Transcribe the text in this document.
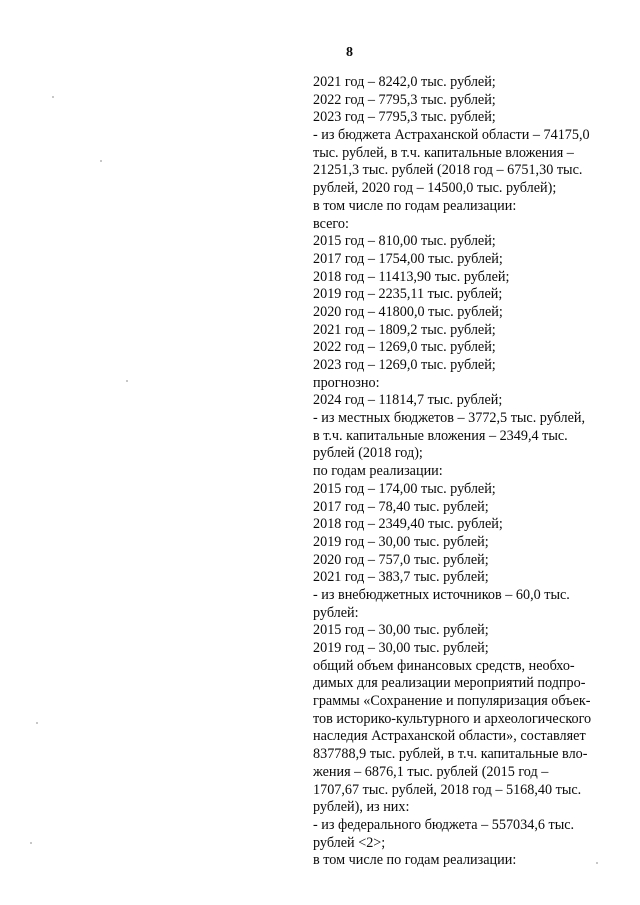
8
2021 год – 8242,0 тыс. рублей;
2022 год – 7795,3 тыс. рублей;
2023 год – 7795,3 тыс. рублей;
- из бюджета Астраханской области – 74175,0
тыс. рублей, в т.ч. капитальные вложения –
21251,3 тыс. рублей (2018 год – 6751,30 тыс.
рублей, 2020 год – 14500,0 тыс. рублей);
в том числе по годам реализации:
всего:
2015 год – 810,00 тыс. рублей;
2017 год – 1754,00 тыс. рублей;
2018 год – 11413,90 тыс. рублей;
2019 год – 2235,11 тыс. рублей;
2020 год – 41800,0 тыс. рублей;
2021 год – 1809,2 тыс. рублей;
2022 год – 1269,0 тыс. рублей;
2023 год – 1269,0 тыс. рублей;
прогнозно:
2024 год – 11814,7 тыс. рублей;
- из местных бюджетов – 3772,5 тыс. рублей,
в т.ч. капитальные вложения – 2349,4 тыс.
рублей (2018 год);
по годам реализации:
2015 год – 174,00 тыс. рублей;
2017 год – 78,40 тыс. рублей;
2018 год – 2349,40 тыс. рублей;
2019 год – 30,00 тыс. рублей;
2020 год – 757,0 тыс. рублей;
2021 год – 383,7 тыс. рублей;
- из внебюджетных источников – 60,0 тыс.
рублей:
2015 год – 30,00 тыс. рублей;
2019 год – 30,00 тыс. рублей;
общий объем финансовых средств, необхо-
димых для реализации мероприятий подпро-
граммы «Сохранение и популяризация объек-
тов историко-культурного и археологического
наследия Астраханской области», составляет
837788,9 тыс. рублей, в т.ч. капитальные вло-
жения – 6876,1 тыс. рублей (2015 год –
1707,67 тыс. рублей, 2018 год – 5168,40 тыс.
рублей), из них:
- из федерального бюджета – 557034,6 тыс.
рублей <2>;
в том числе по годам реализации:
